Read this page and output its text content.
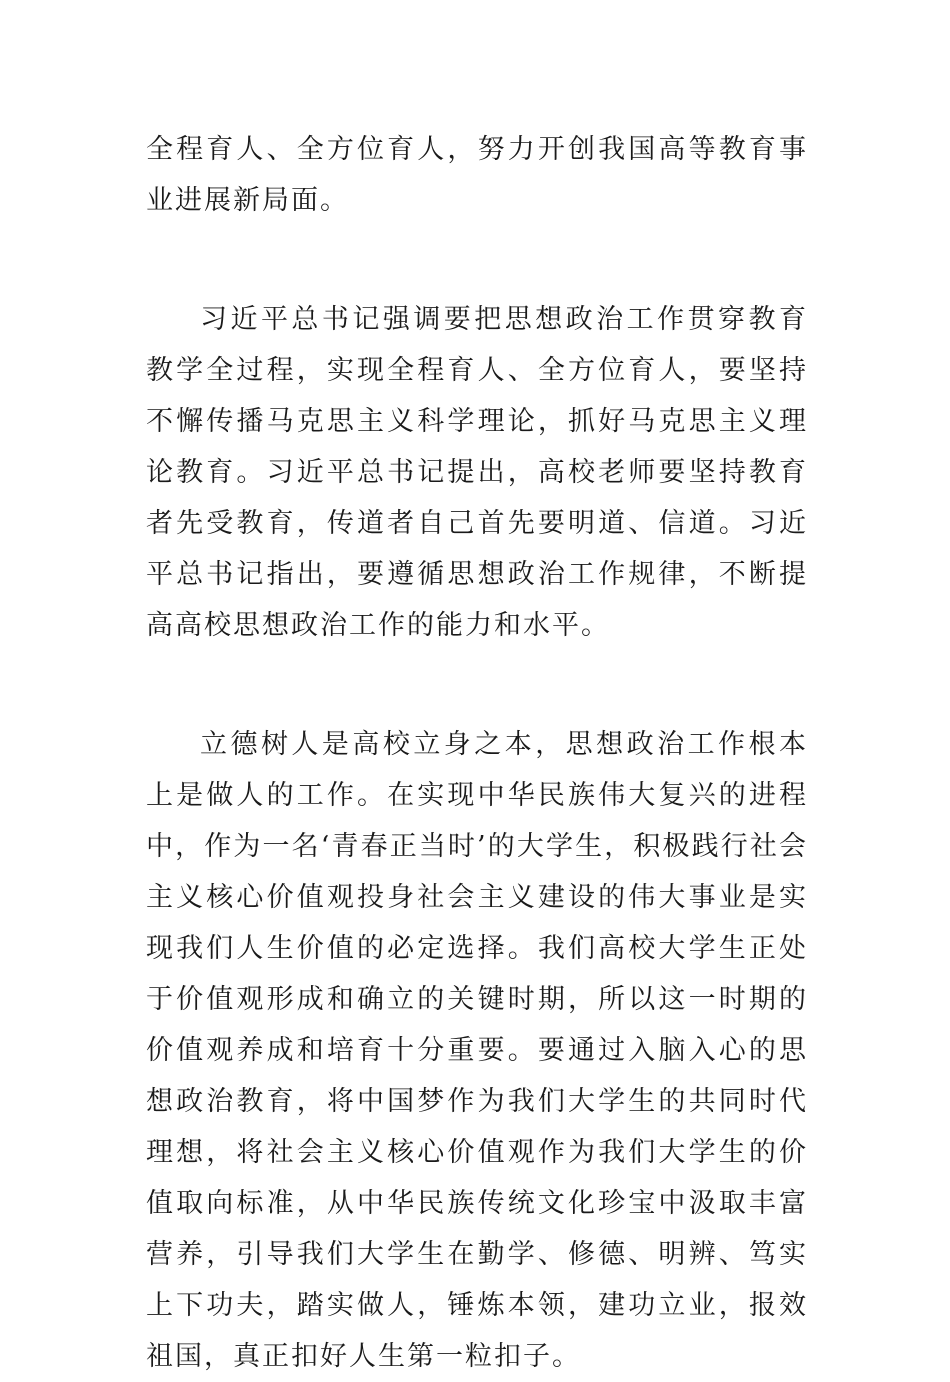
全程育人、全方位育人，努力开创我国高等教育事业进展新局面。

习近平总书记强调要把思想政治工作贯穿教育教学全过程，实现全程育人、全方位育人，要坚持不懈传播马克思主义科学理论，抓好马克思主义理论教育。习近平总书记提出，高校老师要坚持教育者先受教育，传道者自己首先要明道、信道。习近平总书记指出，要遵循思想政治工作规律，不断提高高校思想政治工作的能力和水平。

立德树人是高校立身之本，思想政治工作根本上是做人的工作。在实现中华民族伟大复兴的进程中，作为一名‘青春正当时’的大学生，积极践行社会主义核心价值观投身社会主义建设的伟大事业是实现我们人生价值的必定选择。我们高校大学生正处于价值观形成和确立的关键时期，所以这一时期的价值观养成和培育十分重要。要通过入脑入心的思想政治教育，将中国梦作为我们大学生的共同时代理想，将社会主义核心价值观作为我们大学生的价值取向标准，从中华民族传统文化珍宝中汲取丰富营养，引导我们大学生在勤学、修德、明辨、笃实上下功夫，踏实做人，锤炼本领，建功立业，报效祖国，真正扣好人生第一粒扣子。
